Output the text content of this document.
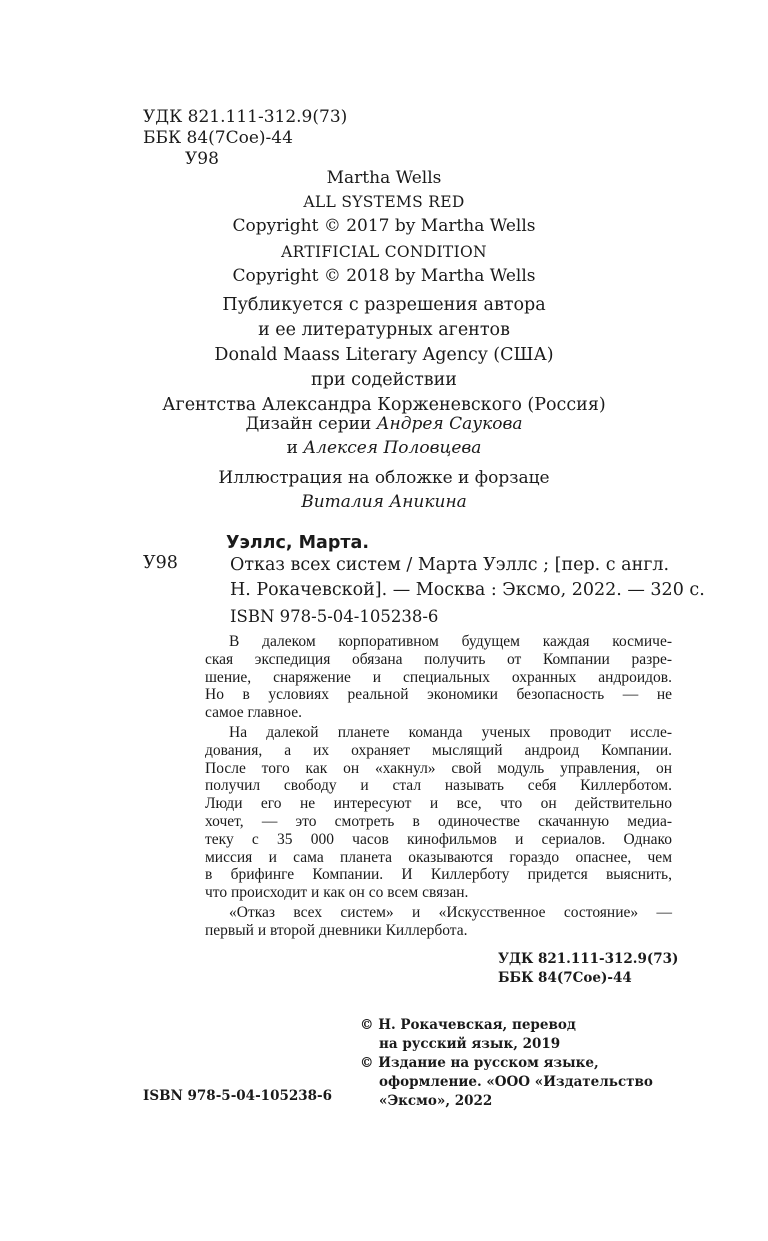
УДК 821.111-312.9(73)
ББК 84(7Сое)-44
У98
Martha Wells
ALL SYSTEMS RED
Copyright © 2017 by Martha Wells
ARTIFICIAL CONDITION
Copyright © 2018 by Martha Wells
Публикуется с разрешения автора
и ее литературных агентов
Donald Maass Literary Agency (США)
при содействии
Агентства Александра Корженевского (Россия)
Дизайн серии Андрея Саукова
и Алексея Половцева
Иллюстрация на обложке и форзаце
Виталия Аникина
Уэллс, Марта.
У98	Отказ всех систем / Марта Уэллс ; [пер. с англ.
Н. Рокачевской]. — Москва : Эксмо, 2022. — 320 с.
ISBN 978-5-04-105238-6
В далеком корпоративном будущем каждая космиче-
ская экспедиция обязана получить от Компании разре-
шение, снаряжение и специальных охранных андроидов.
Но в условиях реальной экономики безопасность — не
самое главное.
На далекой планете команда ученых проводит иссле-
дования, а их охраняет мыслящий андроид Компании.
После того как он «хакнул» свой модуль управления, он
получил свободу и стал называть себя Киллерботом.
Люди его не интересуют и все, что он действительно
хочет, — это смотреть в одиночестве скачанную медиа-
теку с 35 000 часов кинофильмов и сериалов. Однако
миссия и сама планета оказываются гораздо опаснее, чем
в брифинге Компании. И Киллерботу придется выяснить,
что происходит и как он со всем связан.
«Отказ всех систем» и «Искусственное состояние» —
первый и второй дневники Киллербота.
УДК 821.111-312.9(73)
ББК 84(7Сое)-44
© Н. Рокачевская, перевод
на русский язык, 2019
© Издание на русском языке,
оформление. «ООО «Издательство
«Эксмо», 2022
ISBN 978-5-04-105238-6
